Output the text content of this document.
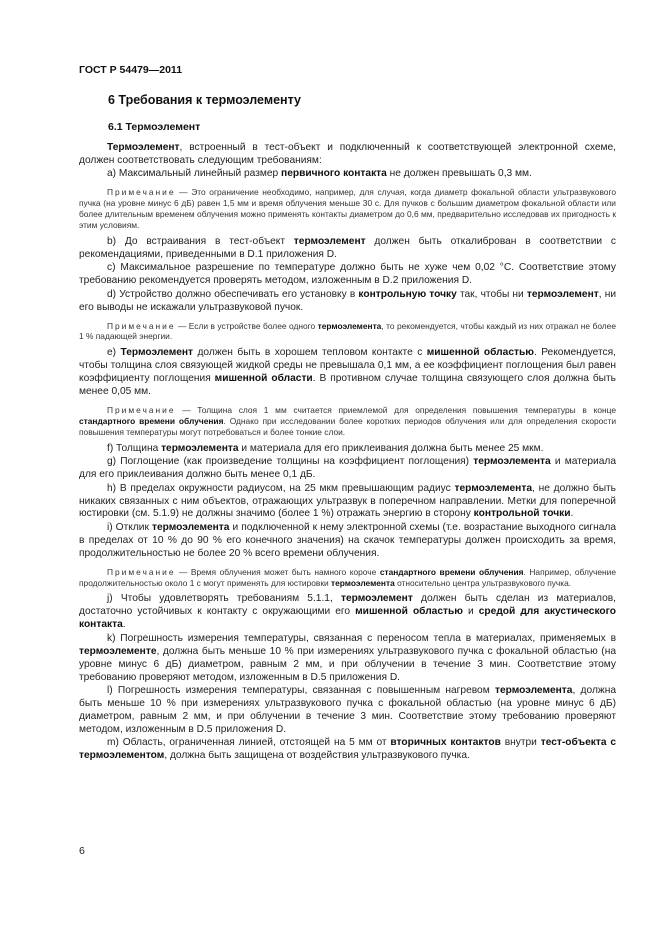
ГОСТ Р 54479—2011
6 Требования к термоэлементу
6.1 Термоэлемент

Термоэлемент, встроенный в тест-объект и подключенный к соответствующей электронной схеме, должен соответствовать следующим требованиям:

а) Максимальный линейный размер первичного контакта не должен превышать 0,3 мм.

Примечание — Это ограничение необходимо, например, для случая, когда диаметр фокальной области ультразвукового пучка (на уровне минус 6 дБ) равен 1,5 мм и время облучения меньше 30 с. Для пучков с большим диаметром фокальной области или более длительным временем облучения можно применять контакты диаметром до 0,6 мм, предварительно исследовав их пригодность к этим условиям.

b) До встраивания в тест-объект термоэлемент должен быть откалиброван в соответствии с рекомендациями, приведенными в D.1 приложения D.

с) Максимальное разрешение по температуре должно быть не хуже чем 0,02 °С. Соответствие этому требованию рекомендуется проверять методом, изложенным в D.2 приложения D.

d) Устройство должно обеспечивать его установку в контрольную точку так, чтобы ни термоэлемент, ни его выводы не искажали ультразвуковой пучок.

Примечание — Если в устройстве более одного термоэлемента, то рекомендуется, чтобы каждый из них отражал не более 1 % падающей энергии.

е) Термоэлемент должен быть в хорошем тепловом контакте с мишенной областью. Рекомендуется, чтобы толщина слоя связующей жидкой среды не превышала 0,1 мм, а ее коэффициент поглощения был равен коэффициенту поглощения мишенной области. В противном случае толщина связующего слоя должна быть менее 0,05 мм.

Примечание — Толщина слоя 1 мм считается приемлемой для определения повышения температуры в конце стандартного времени облучения. Однако при исследовании более коротких периодов облучения или для определения скорости повышения температуры могут потребоваться и более тонкие слои.

f) Толщина термоэлемента и материала для его приклеивания должна быть менее 25 мкм.

g) Поглощение (как произведение толщины на коэффициент поглощения) термоэлемента и материала для его приклеивания должно быть менее 0,1 дБ.

h) В пределах окружности радиусом, на 25 мкм превышающим радиус термоэлемента, не должно быть никаких связанных с ним объектов, отражающих ультразвук в поперечном направлении. Метки для поперечной юстировки (см. 5.1.9) не должны значимо (более 1 %) отражать энергию в сторону контрольной точки.

i) Отклик термоэлемента и подключенной к нему электронной схемы (т.е. возрастание выходного сигнала в пределах от 10 % до 90 % его конечного значения) на скачок температуры должен происходить за время, продолжительностью не более 20 % всего времени облучения.

Примечание — Время облучения может быть намного короче стандартного времени облучения. Например, облучение продолжительностью около 1 с могут применять для юстировки термоэлемента относительно центра ультразвукового пучка.

j) Чтобы удовлетворять требованиям 5.1.1, термоэлемент должен быть сделан из материалов, достаточно устойчивых к контакту с окружающими его мишенной областью и средой для акустического контакта.

k) Погрешность измерения температуры, связанная с переносом тепла в материалах, применяемых в термоэлементе, должна быть меньше 10 % при измерениях ультразвукового пучка с фокальной областью (на уровне минус 6 дБ) диаметром, равным 2 мм, и при облучении в течение 3 мин. Соответствие этому требованию проверяют методом, изложенным в D.5 приложения D.

l) Погрешность измерения температуры, связанная с повышенным нагревом термоэлемента, должна быть меньше 10 % при измерениях ультразвукового пучка с фокальной областью (на уровне минус 6 дБ) диаметром, равным 2 мм, и при облучении в течение 3 мин. Соответствие этому требованию проверяют методом, изложенным в D.5 приложения D.

m) Область, ограниченная линией, отстоящей на 5 мм от вторичных контактов внутри тест-объекта с термоэлементом, должна быть защищена от воздействия ультразвукового пучка.

6
